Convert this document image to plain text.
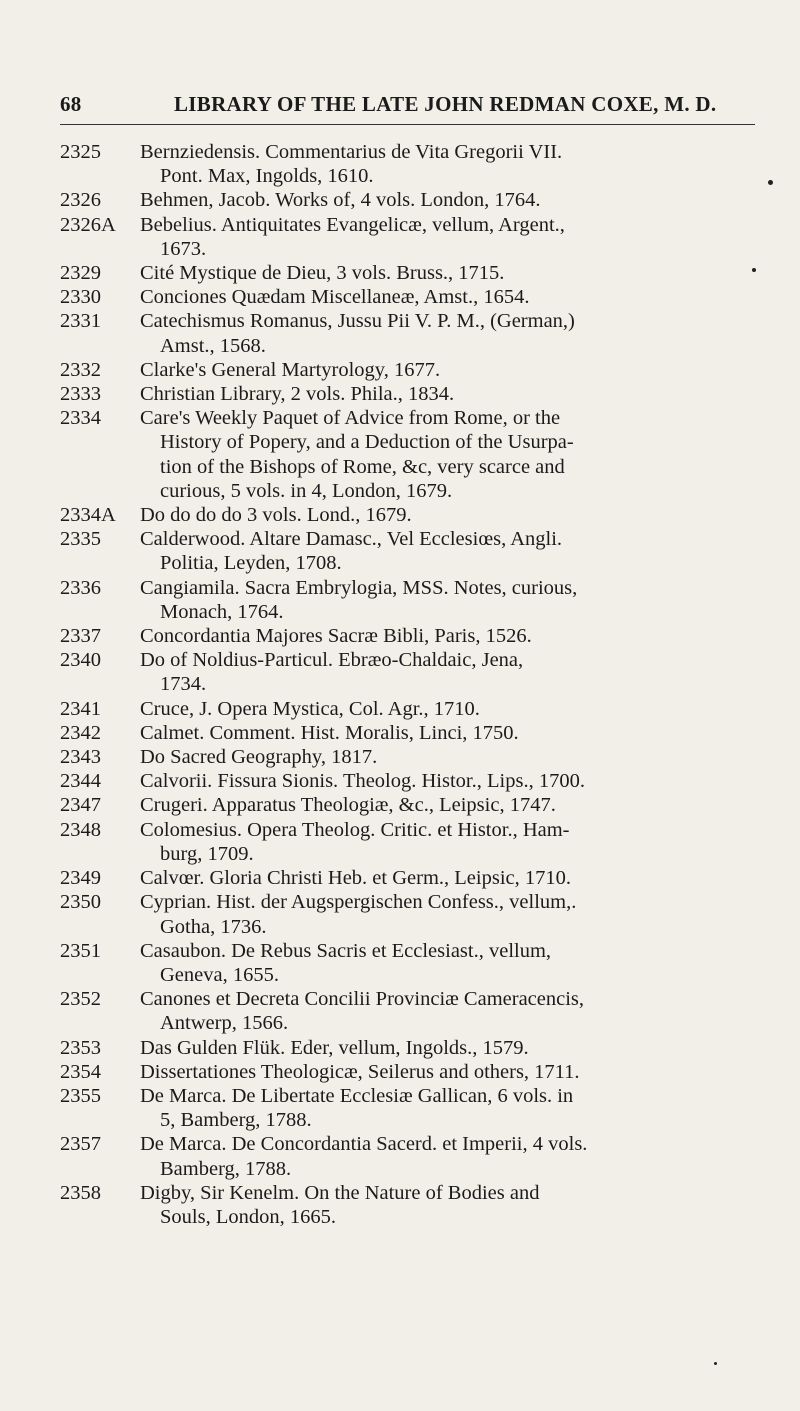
68	LIBRARY OF THE LATE JOHN REDMAN COXE, M. D.
2325	Bernziedensis. Commentarius de Vita Gregorii VII.
Pont. Max, Ingolds, 1610.
2326	Behmen, Jacob. Works of, 4 vols. London, 1764.
2326A	Bebelius. Antiquitates Evangelicæ, vellum, Argent.,
1673.
2329	Cité Mystique de Dieu, 3 vols. Bruss., 1715.
2330	Conciones Quædam Miscellaneæ, Amst., 1654.
2331	Catechismus Romanus, Jussu Pii V. P. M., (German,)
Amst., 1568.
2332	Clarke's General Martyrology, 1677.
2333	Christian Library, 2 vols. Phila., 1834.
2334	Care's Weekly Paquet of Advice from Rome, or the
History of Popery, and a Deduction of the Usurpa-
tion of the Bishops of Rome, &c, very scarce and
curious, 5 vols. in 4, London, 1679.
2334A	Do do do do 3 vols. Lond., 1679.
2335	Calderwood. Altare Damasc., Vel Ecclesiœs, Angli.
Politia, Leyden, 1708.
2336	Cangiamila. Sacra Embrylogia, MSS. Notes, curious,
Monach, 1764.
2337	Concordantia Majores Sacræ Bibli, Paris, 1526.
2340	Do of Noldius-Particul. Ebræo-Chaldaic, Jena,
1734.
2341	Cruce, J. Opera Mystica, Col. Agr., 1710.
2342	Calmet. Comment. Hist. Moralis, Linci, 1750.
2343	Do Sacred Geography, 1817.
2344	Calvorii. Fissura Sionis. Theolog. Histor., Lips., 1700.
2347	Crugeri. Apparatus Theologiæ, &c., Leipsic, 1747.
2348	Colomesius. Opera Theolog. Critic. et Histor., Ham-
burg, 1709.
2349	Calvœr. Gloria Christi Heb. et Germ., Leipsic, 1710.
2350	Cyprian. Hist. der Augspergischen Confess., vellum,.
Gotha, 1736.
2351	Casaubon. De Rebus Sacris et Ecclesiast., vellum,
Geneva, 1655.
2352	Canones et Decreta Concilii Provinciæ Cameracencis,
Antwerp, 1566.
2353	Das Gulden Flük. Eder, vellum, Ingolds., 1579.
2354	Dissertationes Theologicæ, Seilerus and others, 1711.
2355	De Marca. De Libertate Ecclesiæ Gallican, 6 vols. in
5, Bamberg, 1788.
2357	De Marca. De Concordantia Sacerd. et Imperii, 4 vols.
Bamberg, 1788.
2358	Digby, Sir Kenelm. On the Nature of Bodies and
Souls, London, 1665.
